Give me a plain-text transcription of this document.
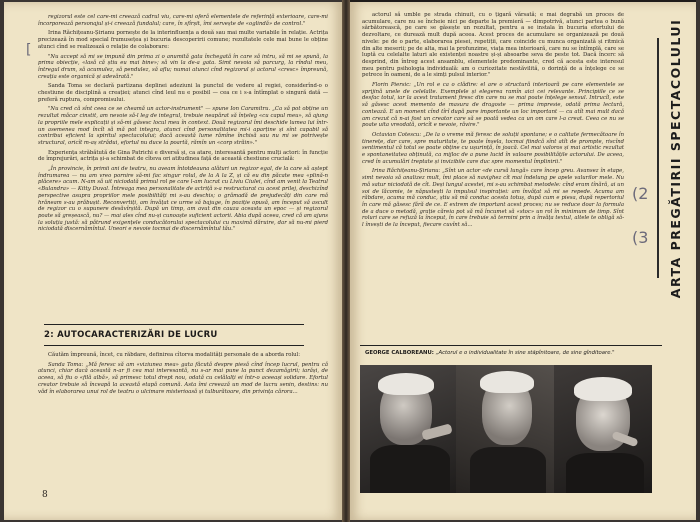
regizorul este cel care-mi creează cadrul viu, care-mi oferă elementele de referință exterioare, care-mi încorporează personajul și-i creează fundalul; care, în sfîrșit, îmi servește de «oglindă» de control."

Irina Răchițeanu-Șirianu pornește de la interinfluența a două sau mai multe variabile în relație. Actrița precizează în mod special frumusețea și bucuria descoperirii comune; rezultatele cele mai bune le obține atunci cînd se realizează o relație de colaborare:

"Nu accept să mi se impună din prima zi o anumită gata închegată în care să intru, să mi se spună, la prima obiecție, «lasă că știu eu mai bine»; să vin la de-a gata. Simt nevoia să parcurg, la rîndul meu, întregul drum, să acumulez, să pendulez, să aflu; numai atunci cînd regizorul și actorul «cresc» împreună, creația este organică și adevărată."

Sanda Toma se declară partizana deplinei adeziuni la punctul de vedere al regiei, considerînd-o o chestiune de disciplină a creației; atunci cînd leul nu e posibil — cea ce i s-a întîmplat o singură dată — preferă ruptura, compromisului.

"Nu cred că sînt ceea ce se cheamă un actor-instrument" — spune Ion Caramitru. „Ca să pot obține un rezultat măcar cinstit, am nevoie să-l leg de integrul, trebuie neapărat să înțeleg «cu capul meu», să ajung la propriile mele explicații și să-mi găsesc locul meu în context. Două regizorul îmi deschide lumea lui într-un asemenea mod încît să mă pot integra, atunci cînd personalitatea mi-i aparține și sînt capabil să contribui eficient la spiritul spectacolului; dacă această lume rămîne închisă sau nu mi se potrivește structural, oricît m-aș strădui, efortul nu duce la poartă, rămîn un «corp străin»."

Experiența străbătută de Gina Patrichi e diversă și, ca atare, interesantă pentru mulți actori: în funcție de împrejurări, actrița și-a schimbat de cîteva ori atitudinea față de această chestiune crucială:

„În provincie, în primii ani de teatru, nu aveam întotdeauna alături un regizor egal, de la care să aștept îndrumarea — nu am vreo pornire să-mi fac singur rolul, de la A la Z, și că eu din păcate mea «plină-n plăcere» acum. N-am să uit niciodată primul rol pe care l-am lucrat cu Liviu Ciulei, cînd am venit la Teatrul «Bulandra» — Kitty Duval. Întreaga mea personalitate de actriță s-a restructurat cu acest prilej, deschizînd perspective asupra propriilor mele posibilități mi s-au deschis; o grămadă de prejudecăți din care mă hrăneam s-au prăbușit. Reconvertiți, am învățat ce urme să bajuge, în poziție opusă, am început să ascult de regizor cu o supunere desăvîrșită. După un timp, am avut din cauza aceasta un epoc — și regizorul poate să greșească, nu? — mai ales cînd nu-și cunoaște suficient actorii. Abia după aceea, cred că am ajuns la soluția justă: să pătrund exigențele conducătorului spectacolului cu maximă dăruire, dar să nu-mi pierd niciodată discernămîntul. Uneori e nevoie tocmai de discernămîntul tău."

2: AUTOCARACTERIZĂRI DE LUCRU

Căutăm împreună, încet, cu răbdare, definirea cîtorva modalități personale de a aborda rolul:

Sanda Toma: „Mă feresc să am «viziunea mea» gata făcută despre piesă cînd încep lucrul, pentru că atunci, chiar dacă această n-ar fi cea mai interesantă, nu s-ar mai pune la punct dezamăgirii; iarăși, de aceea, să fiu o «filă albă», să primesc totul drept nou, odată cu celălalți ei într-o aceeași solidare. Efortul creator trebuie să înceapă la această etapă comună. Asta îmi creează un mod de lucru senin, destins: nu văd în elaborarea unui rol de teatru o ulcimare misterioasă și tulburătoare, din privința cărora...

8
[

actorul să umble pe strada chinuit, cu o țigară vărsată; e mai degrabă un proces de acumulare, care nu se încheie nici pe departe la premieră — dimpotrivă, atunci partea o bună sărbătorească, pe care se găsește un rezultat, pentru a se instala în bucuria efortului de dezvoltare, ce durează mult după aceea. Acest proces de acumulare se organizează pe două nivele: pe de o parte, elaborarea piesei, repetiții, care coincide cu munca organizată și ritmică din alte meserii; pe de alta, mai la profunzime, viața mea interioară, care nu se întîmplă, care se luptă cu celelalte laturi ale existenței noastre și-și absoarbe seva de peste tot. Dacă încerc să desprind, din întreg acest ansamblu, elementele predominante, cred că acesta este interesul meu pentru psihologia individuală: am o curiozitate nestăvilită, o dorință de a înțelege ce se petrece în oameni, de a le simți pulsul interior."

Florin Piersic: „Un rol e ca o clădire: el are o structură interioară pe care elementele se sprijină unele de celelalte. Exemplele și elegerea ramîn aici cei relevante. Principiile ce se desfac totul, iar la acest tratament firesc din care nu se mai poate înțelege sensul. Intrucîl, este să găsesc acest memento de masura de dragoste — prima impresie, odată prima lectură, contează. E un moment cînd tîrî după pare importante un loc important — cu atît mai mult dacă am crezut că n-ai fost un creator care să se poată vedea ca un om care l-a creat. Ceea ce nu se poate uita vreodată, oricît e nevoie, răvire."

Octavian Cotescu: „De la o vreme mă feresc de soluții spontane; e o calitate fermecătoare în tinerețe, dar care, spre maturitate, te poate înșela, tocmai fiindcă sînt atît de prompte, riscînd sentimentul că totul se poate obține cu ușurință, în joacă. Cel mai valoros și mai artistic rezultat e spontaneitatea obținută, ca mijloc de a pune lucid în valoare posibilitățile actorului. De aceea, cred în acumulări treptate și invizibile care duc spre momentul împlinirii."

Irina Răchițeanu-Șirianu: „Sînt un actor «de cursă lungă» care încep greu. Avansez în etape, simt nevoia să analizez mult, îmi place să navighez cît mai îndelung pe apele valurilor mele. Nu mă satur niciodată de cît. Deși lungul acestei, mi s-au schimbat metodele: cînd eram tînără, ai un soi de lăcomie, te năpustești la impulsul inspirației: am învățat să mi se repede. Acuma am răbdare, acuma mă conduc, știu să mă conduc acesta totuș, după cum e piesa, după repertoriul în care mă găsesc fără de ce. E extrem de important acest proces; nu se reduce doar la formula de a duce o metodă, grație căreia pot să mă încumet să «stoc» un rol în minimum de timp. Sînt roluri care se refuză la început, în care trebuie să termini prin a învăța textul, altele te obligă să-l învești de la început, fiecare cuvînt să...

(2
(3 ARTA PREGĂTIRII SPECTACOLULUI
GEORGE CALBOREANU: „Actorul e o individualitate în sine stăpînitoare, de sine gînditoare."
